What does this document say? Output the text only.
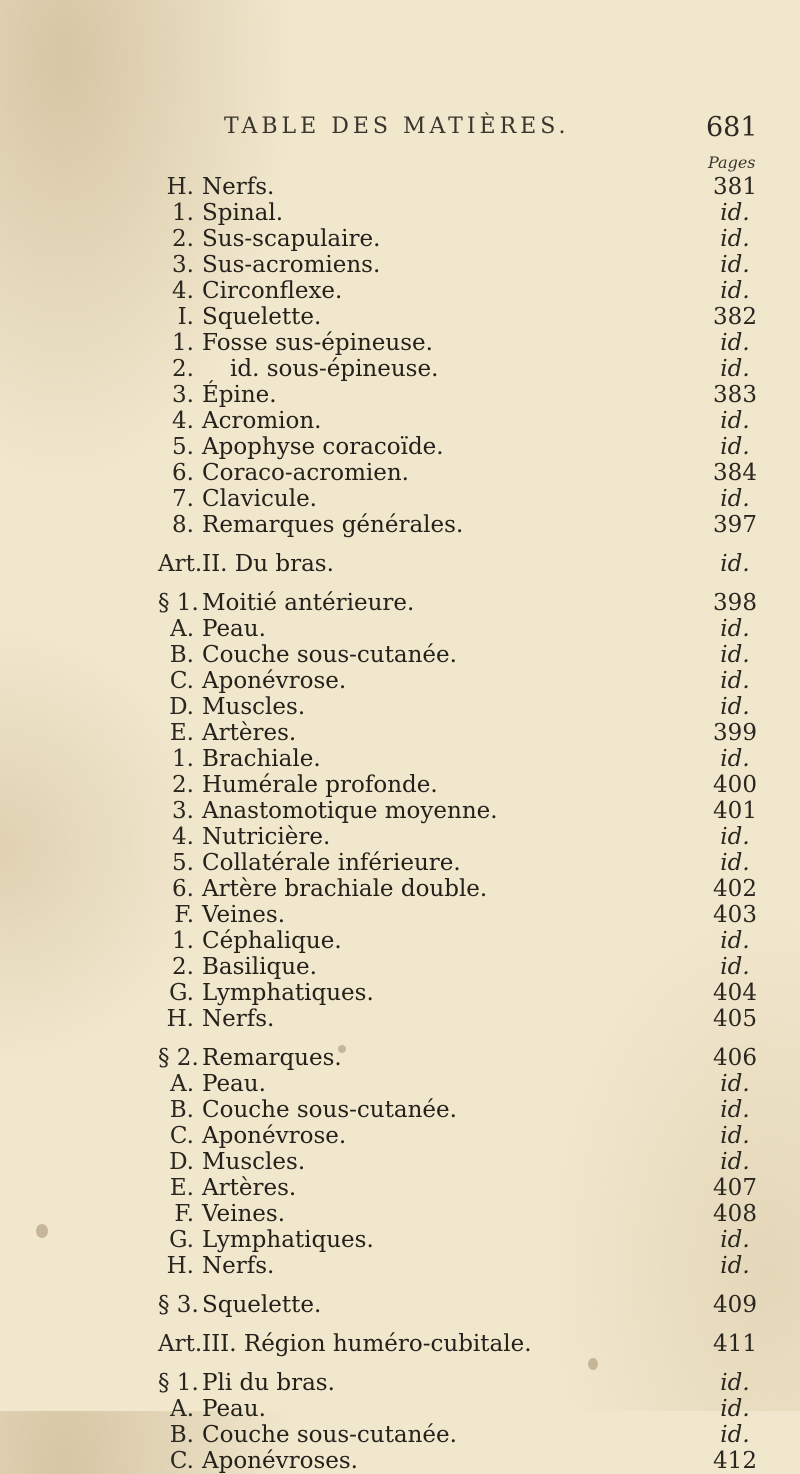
TABLE DES MATIÈRES.	681
Pages
H. Nerfs.	381
1. Spinal.	id.
2. Sus-scapulaire.	id.
3. Sus-acromiens.	id.
4. Circonflexe.	id.
I. Squelette.	382
1. Fosse sus-épineuse.	id.
2. id. sous-épineuse.	id.
3. Épine.	383
4. Acromion.	id.
5. Apophyse coracoïde.	id.
6. Coraco-acromien.	384
7. Clavicule.	id.
8. Remarques générales.	397
Art. II. Du bras.	id.
§ 1. Moitié antérieure.	398
A. Peau.	id.
B. Couche sous-cutanée.	id.
C. Aponévrose.	id.
D. Muscles.	id.
E. Artères.	399
1. Brachiale.	id.
2. Humérale profonde.	400
3. Anastomotique moyenne.	401
4. Nutricière.	id.
5. Collatérale inférieure.	id.
6. Artère brachiale double.	402
F. Veines.	403
1. Céphalique.	id.
2. Basilique.	id.
G. Lymphatiques.	404
H. Nerfs.	405
§ 2. Remarques.	406
A. Peau.	id.
B. Couche sous-cutanée.	id.
C. Aponévrose.	id.
D. Muscles.	id.
E. Artères.	407
F. Veines.	408
G. Lymphatiques.	id.
H. Nerfs.	id.
§ 3. Squelette.	409
Art. III. Région huméro-cubitale.	411
§ 1. Pli du bras.	id.
A. Peau.	id.
B. Couche sous-cutanée.	id.
C. Aponévroses.	412
